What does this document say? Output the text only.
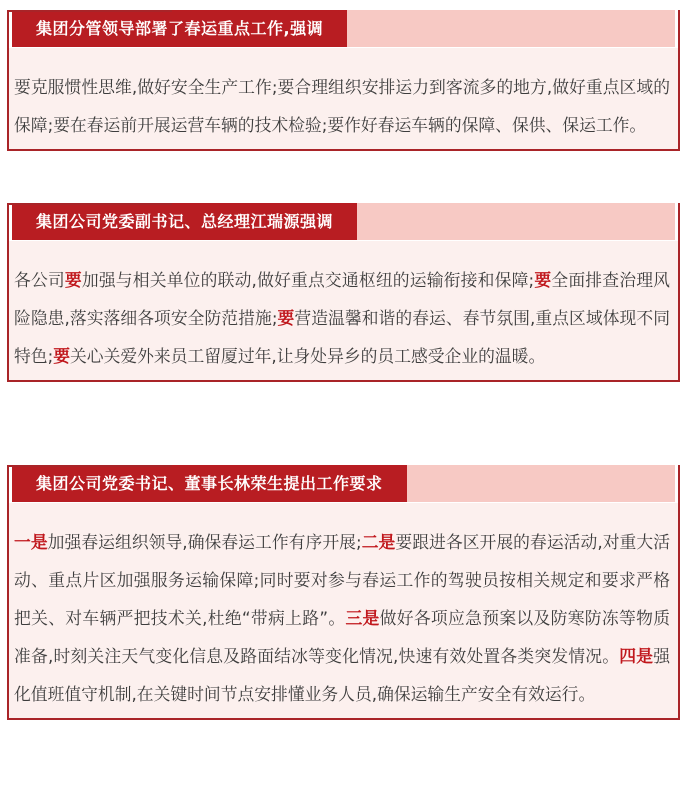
集团分管领导部署了春运重点工作,强调
要克服惯性思维,做好安全生产工作;要合理组织安排运力到客流多的地方,做好重点区域的保障;要在春运前开展运营车辆的技术检验;要作好春运车辆的保障、保供、保运工作。
集团公司党委副书记、总经理江瑞源强调
各公司要加强与相关单位的联动,做好重点交通枢纽的运输衔接和保障;要全面排查治理风险隐患,落实落细各项安全防范措施;要营造温馨和谐的春运、春节氛围,重点区域体现不同特色;要关心关爱外来员工留厦过年,让身处异乡的员工感受企业的温暖。
集团公司党委书记、董事长林荣生提出工作要求
一是加强春运组织领导,确保春运工作有序开展;二是要跟进各区开展的春运活动,对重大活动、重点片区加强服务运输保障;同时要对参与春运工作的驾驶员按相关规定和要求严格把关、对车辆严把技术关,杜绝“带病上路”。三是做好各项应急预案以及防寒防冻等物质准备,时刻关注天气变化信息及路面结冰等变化情况,快速有效处置各类突发情况。四是强化值班值守机制,在关键时间节点安排懂业务人员,确保运输生产安全有效运行。
